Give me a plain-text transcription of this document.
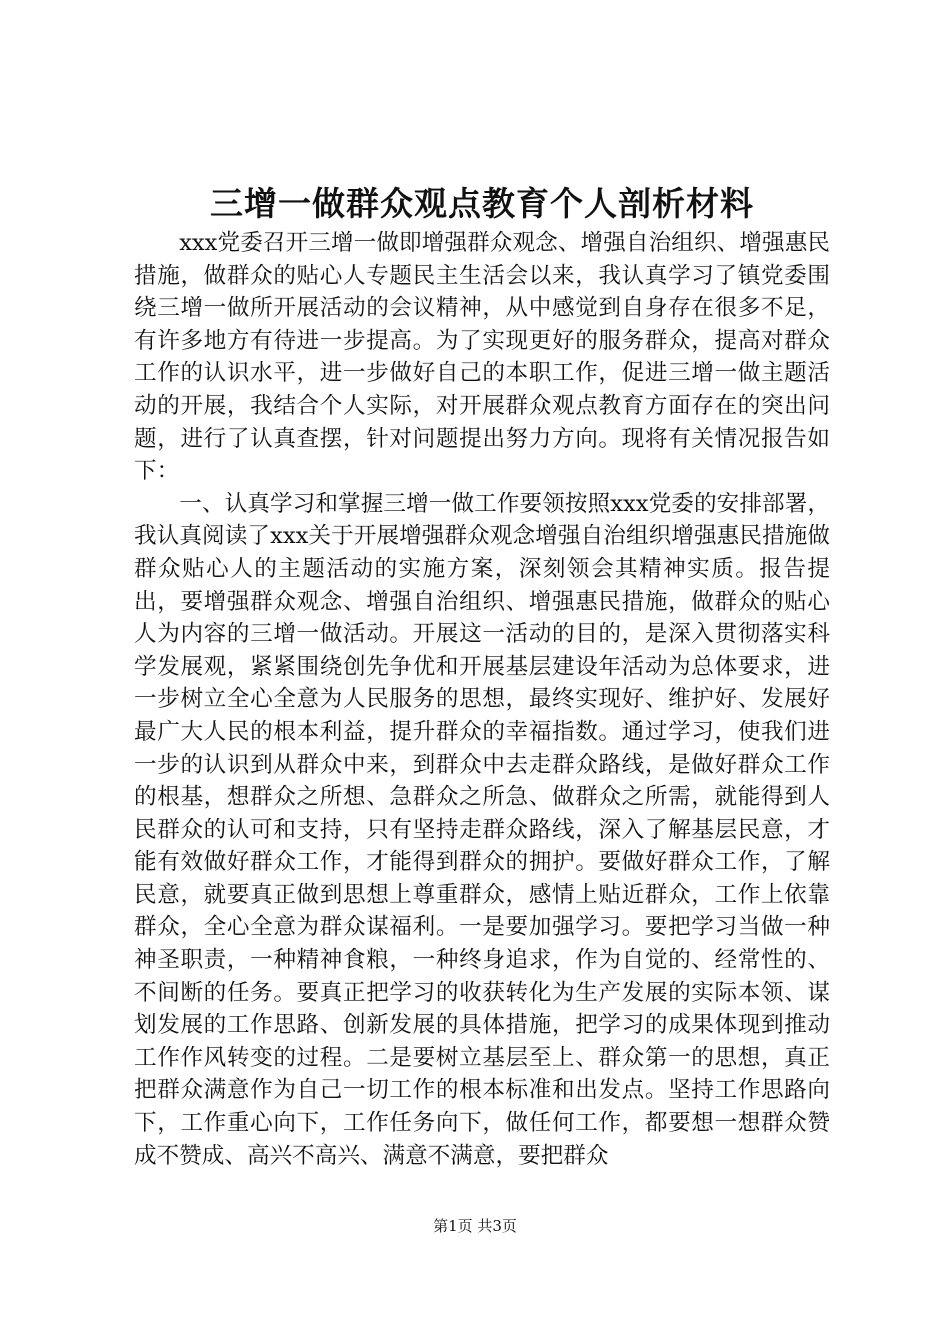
三增一做群众观点教育个人剖析材料

xxx党委召开三增一做即增强群众观念、增强自治组织、增强惠民措施，做群众的贴心人专题民主生活会以来，我认真学习了镇党委围绕三增一做所开展活动的会议精神，从中感觉到自身存在很多不足，有许多地方有待进一步提高。为了实现更好的服务群众，提高对群众工作的认识水平，进一步做好自己的本职工作，促进三增一做主题活动的开展，我结合个人实际，对开展群众观点教育方面存在的突出问题，进行了认真查摆，针对问题提出努力方向。现将有关情况报告如下：

一、认真学习和掌握三增一做工作要领按照xxx党委的安排部署，我认真阅读了xxx关于开展增强群众观念增强自治组织增强惠民措施做群众贴心人的主题活动的实施方案，深刻领会其精神实质。报告提出，要增强群众观念、增强自治组织、增强惠民措施，做群众的贴心人为内容的三增一做活动。开展这一活动的目的，是深入贯彻落实科学发展观，紧紧围绕创先争优和开展基层建设年活动为总体要求，进一步树立全心全意为人民服务的思想，最终实现好、维护好、发展好最广大人民的根本利益，提升群众的幸福指数。通过学习，使我们进一步的认识到从群众中来，到群众中去走群众路线，是做好群众工作的根基，想群众之所想、急群众之所急、做群众之所需，就能得到人民群众的认可和支持，只有坚持走群众路线，深入了解基层民意，才能有效做好群众工作，才能得到群众的拥护。要做好群众工作，了解民意，就要真正做到思想上尊重群众，感情上贴近群众，工作上依靠群众，全心全意为群众谋福利。一是要加强学习。要把学习当做一种神圣职责，一种精神食粮，一种终身追求，作为自觉的、经常性的、不间断的任务。要真正把学习的收获转化为生产发展的实际本领、谋划发展的工作思路、创新发展的具体措施，把学习的成果体现到推动工作作风转变的过程。二是要树立基层至上、群众第一的思想，真正把群众满意作为自己一切工作的根本标准和出发点。坚持工作思路向下，工作重心向下，工作任务向下，做任何工作，都要想一想群众赞成不赞成、高兴不高兴、满意不满意，要把群众

第1页 共3页
